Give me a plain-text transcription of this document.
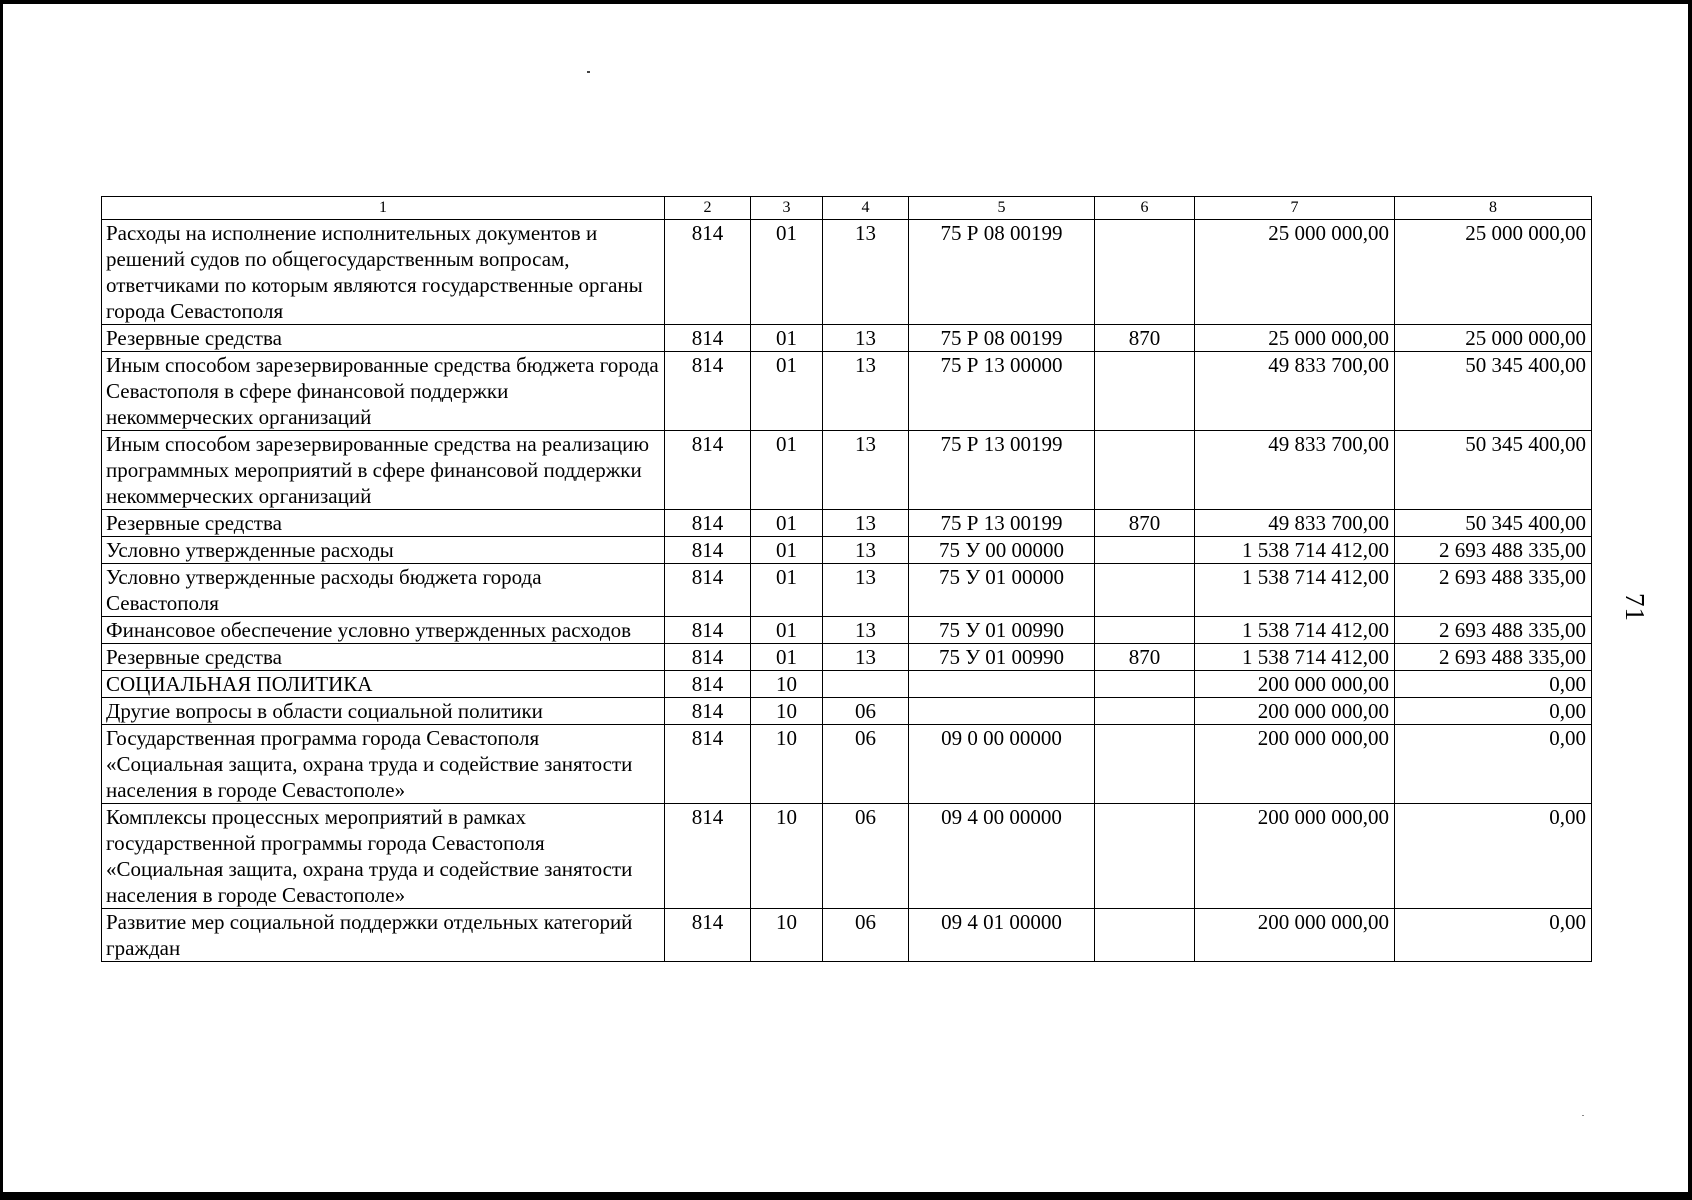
71
1	2	3	4	5	6	7	8
Расходы на исполнение исполнительных документов и решений судов по общегосударственным вопросам, ответчиками по которым являются государственные органы города Севастополя	814	01	13	75 Р 08 00199		25 000 000,00	25 000 000,00
Резервные средства	814	01	13	75 Р 08 00199	870	25 000 000,00	25 000 000,00
Иным способом зарезервированные средства бюджета города Севастополя в сфере финансовой поддержки некоммерческих организаций	814	01	13	75 Р 13 00000		49 833 700,00	50 345 400,00
Иным способом зарезервированные средства на реализацию программных мероприятий в сфере финансовой поддержки некоммерческих организаций	814	01	13	75 Р 13 00199		49 833 700,00	50 345 400,00
Резервные средства	814	01	13	75 Р 13 00199	870	49 833 700,00	50 345 400,00
Условно утвержденные расходы	814	01	13	75 У 00 00000		1 538 714 412,00	2 693 488 335,00
Условно утвержденные расходы бюджета города Севастополя	814	01	13	75 У 01 00000		1 538 714 412,00	2 693 488 335,00
Финансовое обеспечение условно утвержденных расходов	814	01	13	75 У 01 00990		1 538 714 412,00	2 693 488 335,00
Резервные средства	814	01	13	75 У 01 00990	870	1 538 714 412,00	2 693 488 335,00
СОЦИАЛЬНАЯ ПОЛИТИКА	814	10				200 000 000,00	0,00
Другие вопросы в области социальной политики	814	10	06			200 000 000,00	0,00
Государственная программа города Севастополя «Социальная защита, охрана труда и содействие занятости населения в городе Севастополе»	814	10	06	09 0 00 00000		200 000 000,00	0,00
Комплексы процессных мероприятий в рамках государственной программы города Севастополя «Социальная защита, охрана труда и содействие занятости населения в городе Севастополе»	814	10	06	09 4 00 00000		200 000 000,00	0,00
Развитие мер социальной поддержки отдельных категорий граждан	814	10	06	09 4 01 00000		200 000 000,00	0,00
